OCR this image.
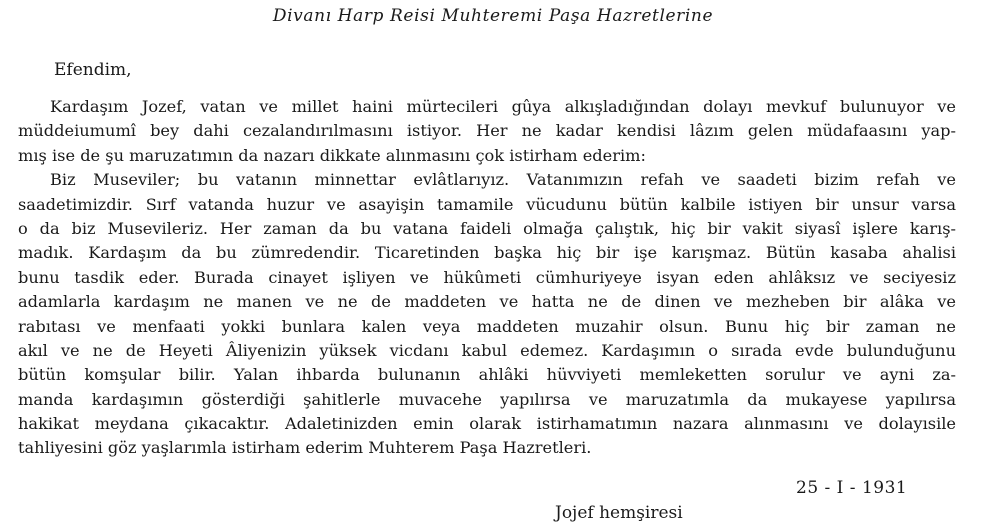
Divanı Harp Reisi Muhteremi Paşa Hazretlerine
Efendim,
Kardaşım Jozef, vatan ve millet haini mürtecileri gûya alkışladığından dolayı mevkuf bulunuyor ve
müddeiumumî bey dahi cezalandırılmasını istiyor. Her ne kadar kendisi lâzım gelen müdafaasını yap-
mış ise de şu maruzatımın da nazarı dikkate alınmasını çok istirham ederim:
Biz Museviler; bu vatanın minnettar evlâtlarıyız. Vatanımızın refah ve saadeti bizim refah ve
saadetimizdir. Sırf vatanda huzur ve asayişin tamamile vücudunu bütün kalbile istiyen bir unsur varsa
o da biz Musevileriz. Her zaman da bu vatana faideli olmağa çalıştık, hiç bir vakit siyasî işlere karış-
madık. Kardaşım da bu zümredendir. Ticaretinden başka hiç bir işe karışmaz. Bütün kasaba ahalisi
bunu tasdik eder. Burada cinayet işliyen ve hükûmeti cümhuriyeye isyan eden ahlâksız ve seciyesiz
adamlarla kardaşım ne manen ve ne de maddeten ve hatta ne de dinen ve mezheben bir alâka ve
rabıtası ve menfaati yokki bunlara kalen veya maddeten muzahir olsun. Bunu hiç bir zaman ne
akıl ve ne de Heyeti Âliyenizin yüksek vicdanı kabul edemez. Kardaşımın o sırada evde bulunduğunu
bütün komşular bilir. Yalan ihbarda bulunanın ahlâki hüvviyeti memleketten sorulur ve ayni za-
manda kardaşımın gösterdiği şahitlerle muvacehe yapılırsa ve maruzatımla da mukayese yapılırsa
hakikat meydana çıkacaktır. Adaletinizden emin olarak istirhamatımın nazara alınmasını ve dolayısile
tahliyesini göz yaşlarımla istirham ederim Muhterem Paşa Hazretleri.
25 - I - 1931
Jojef hemşiresi
